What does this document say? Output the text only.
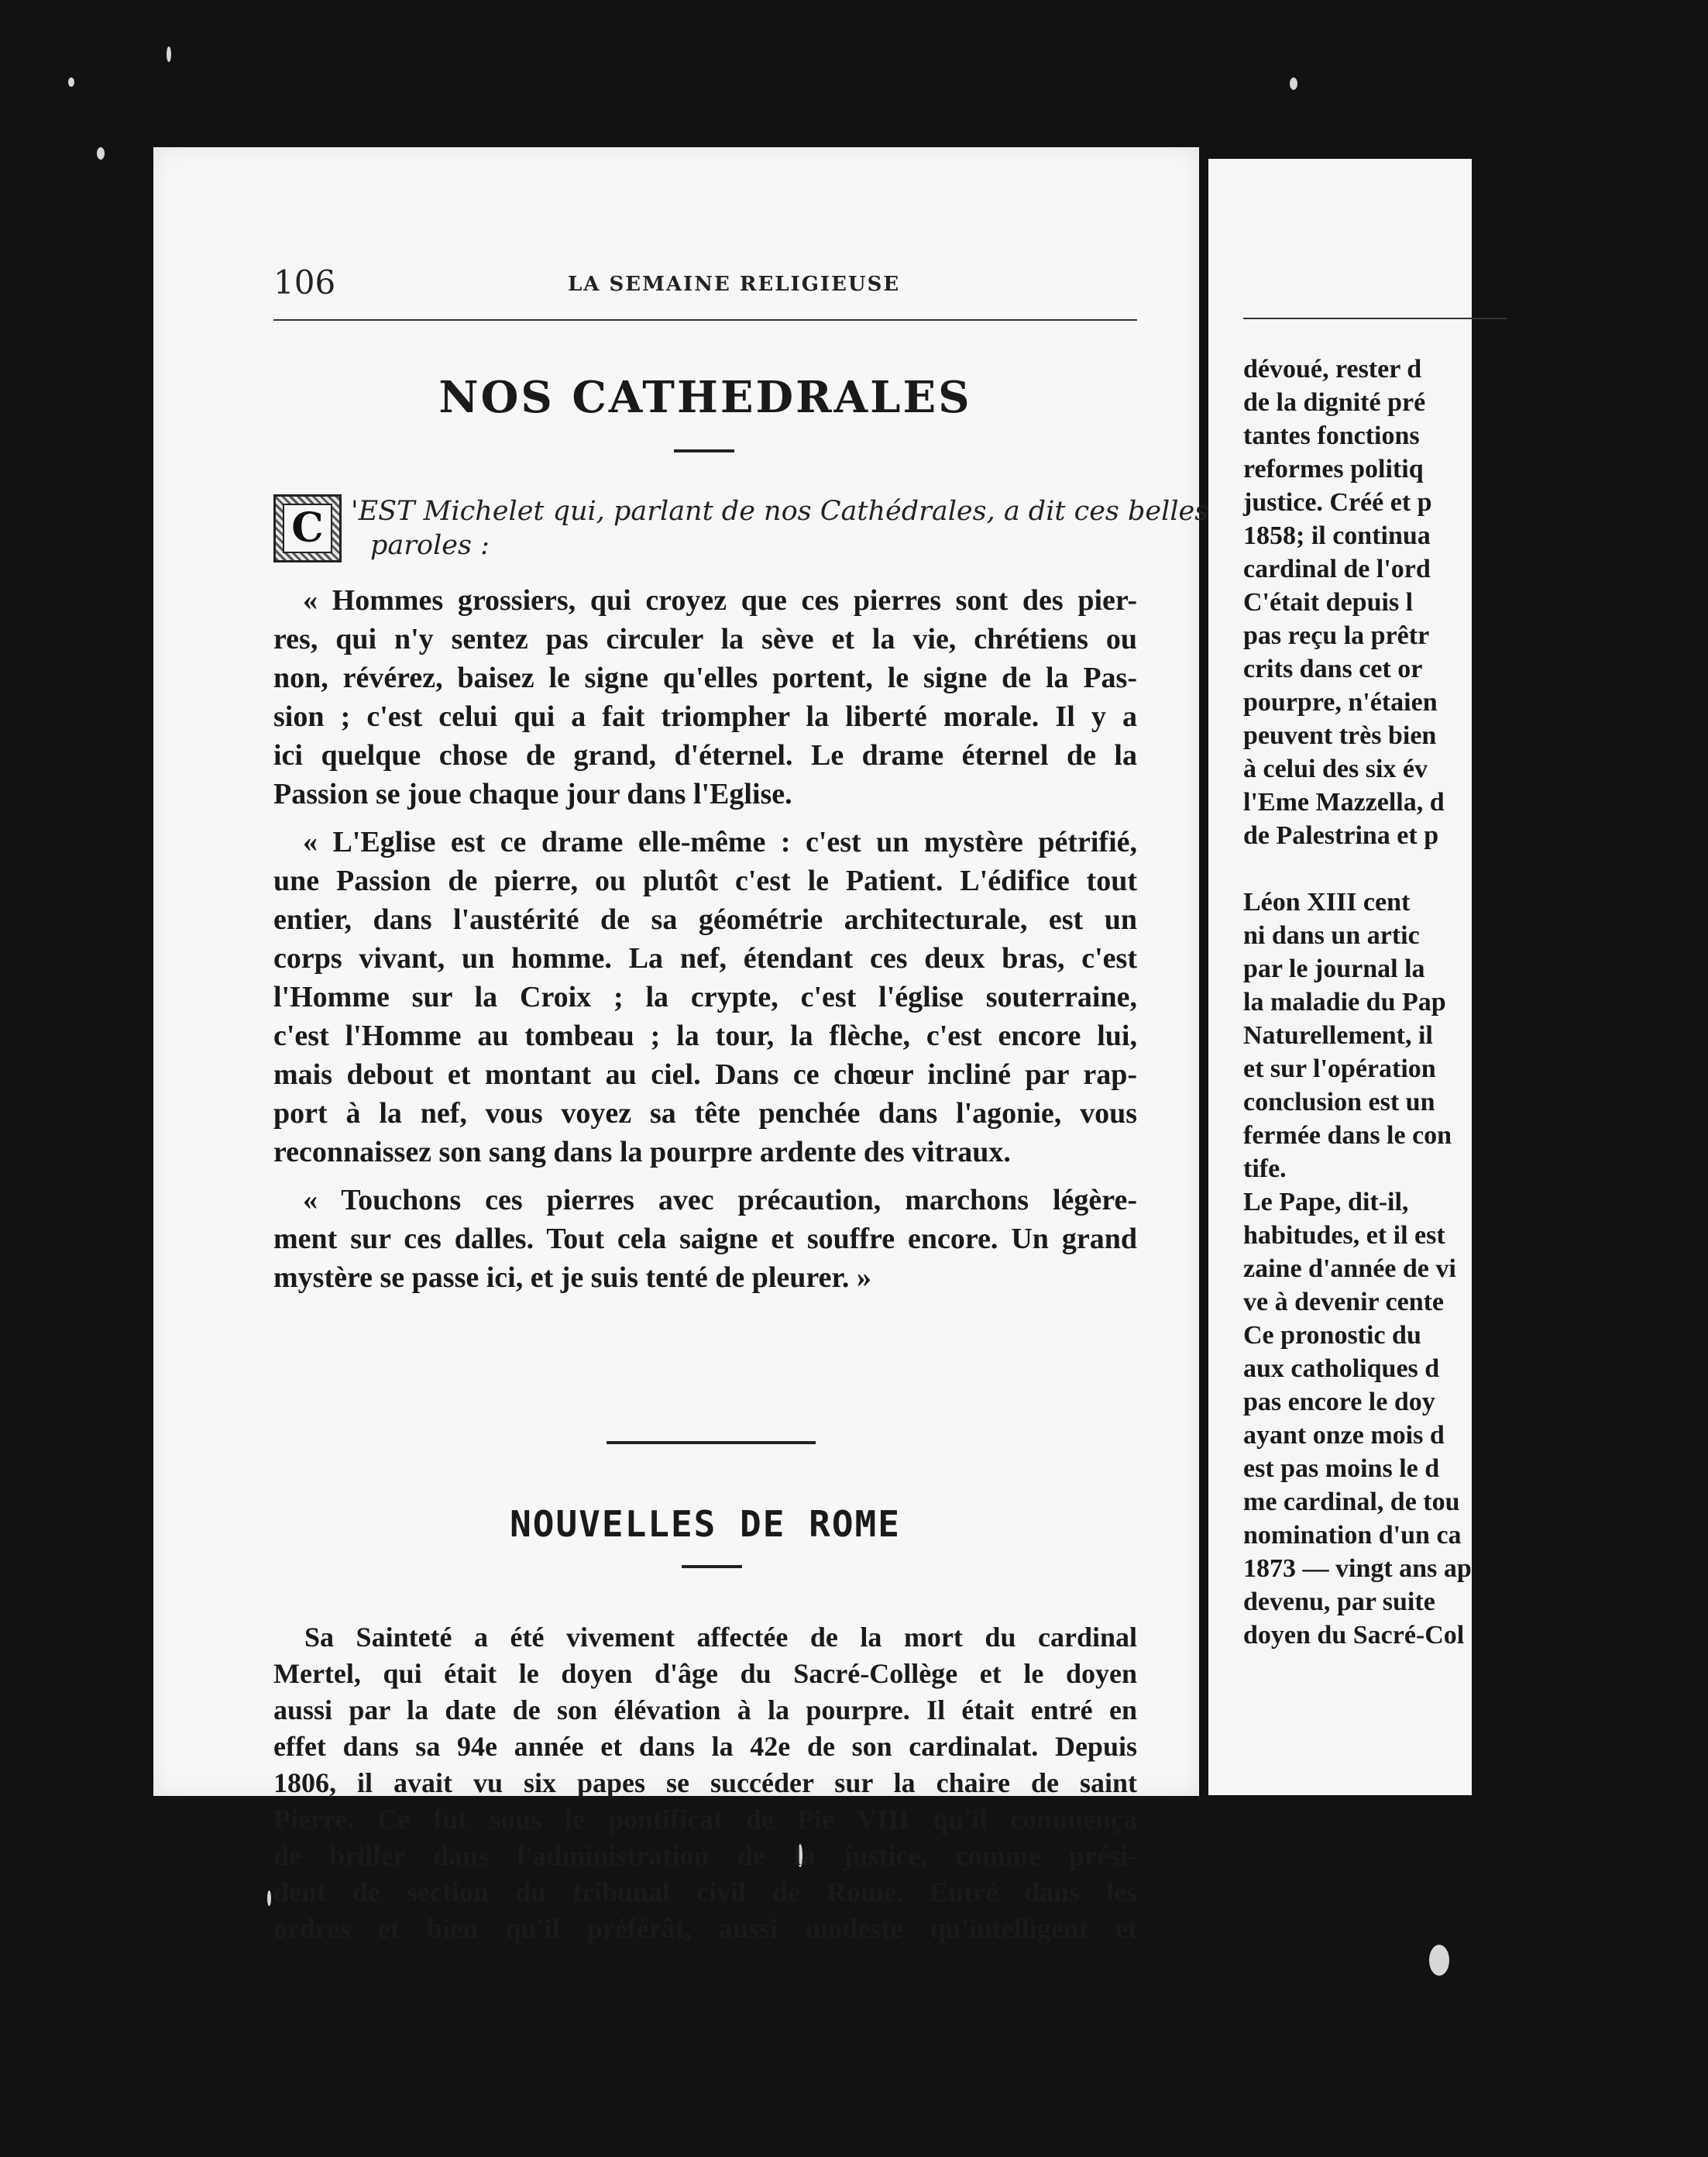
106	LA SEMAINE RELIGIEUSE
NOS CATHEDRALES
C	'EST Michelet qui, parlant de nos Cathédrales, a dit ces belles
paroles :
« Hommes grossiers, qui croyez que ces pierres sont des pier-
res, qui n'y sentez pas circuler la sève et la vie, chrétiens ou
non, révérez, baisez le signe qu'elles portent, le signe de la Pas-
sion ; c'est celui qui a fait triompher la liberté morale. Il y a
ici quelque chose de grand, d'éternel. Le drame éternel de la
Passion se joue chaque jour dans l'Eglise.
« L'Eglise est ce drame elle-même : c'est un mystère pétrifié,
une Passion de pierre, ou plutôt c'est le Patient. L'édifice tout
entier, dans l'austérité de sa géométrie architecturale, est un
corps vivant, un homme. La nef, étendant ces deux bras, c'est
l'Homme sur la Croix ; la crypte, c'est l'église souterraine,
c'est l'Homme au tombeau ; la tour, la flèche, c'est encore lui,
mais debout et montant au ciel. Dans ce chœur incliné par rap-
port à la nef, vous voyez sa tête penchée dans l'agonie, vous
reconnaissez son sang dans la pourpre ardente des vitraux.
« Touchons ces pierres avec précaution, marchons légère-
ment sur ces dalles. Tout cela saigne et souffre encore. Un grand
mystère se passe ici, et je suis tenté de pleurer. »
NOUVELLES DE ROME
Sa Sainteté a été vivement affectée de la mort du cardinal
Mertel, qui était le doyen d'âge du Sacré-Collège et le doyen
aussi par la date de son élévation à la pourpre. Il était entré en
effet dans sa 94e année et dans la 42e de son cardinalat. Depuis
1806, il avait vu six papes se succéder sur la chaire de saint
Pierre. Ce fut sous le pontificat de Pie VIII qu'il commença
de briller dans l'administration de la justice, comme prési-
dent de section du tribunal civil de Rome. Entré dans les
ordres et bien qu'il préférât, aussi modeste qu'intelligent et
dévoué, rester d
de la dignité pré
tantes fonctions
reformes politiq
justice. Créé et p
1858; il continua
cardinal de l'ord
C'était depuis l
pas reçu la prêtr
crits dans cet or
pourpre, n'étaien
peuvent très bien
à celui des six év
l'Eme Mazzella, d
de Palestrina et p
Léon XIII cent
ni dans un artic
par le journal la
la maladie du Pap
Naturellement, il
et sur l'opération
conclusion est un
fermée dans le con
tife.
Le Pape, dit-il,
habitudes, et il est
zaine d'année de vi
ve à devenir cente
Ce pronostic du
aux catholiques d
pas encore le doy
ayant onze mois d
est pas moins le d
me cardinal, de tou
nomination d'un ca
1873 — vingt ans ap
devenu, par suite
doyen du Sacré-Col
